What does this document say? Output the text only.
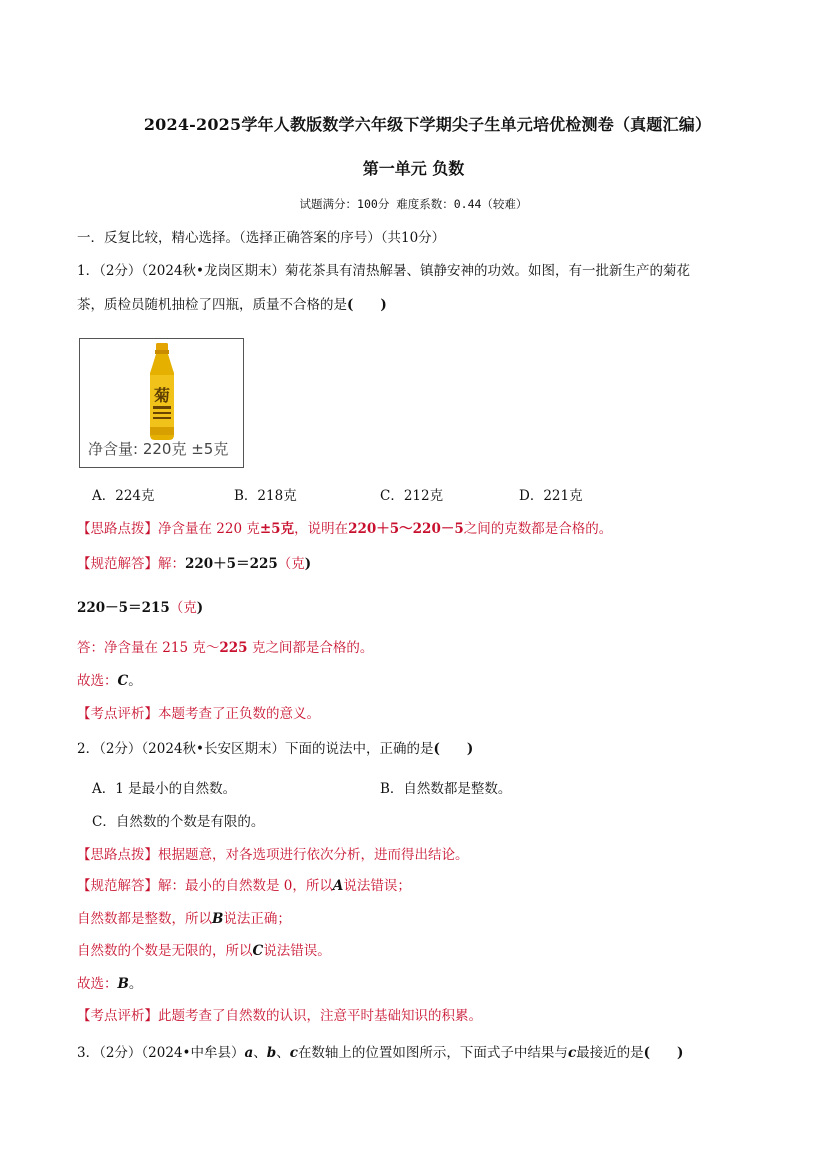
2024-2025学年人教版数学六年级下学期尖子生单元培优检测卷（真题汇编）
第一单元 负数
试题满分：100分 难度系数：0.44（较难）
一．反复比较，精心选择。（选择正确答案的序号）（共10分）
1．（2分）（2024秋•龙岗区期末）菊花茶具有清热解暑、镇静安神的功效。如图，有一批新生产的菊花
茶，质检员随机抽检了四瓶，质量不合格的是(　　)
菊
净含量: 220克 ±5克
A．224克	B．218克	C．212克	D．221克
【思路点拨】净含量在 220 克±5克，说明在220＋5～220－5之间的克数都是合格的。
【规范解答】解：220＋5＝225（克)
220－5＝215（克)
答：净含量在 215 克～225 克之间都是合格的。
故选：C。
【考点评析】本题考查了正负数的意义。
2．（2分）（2024秋•长安区期末）下面的说法中，正确的是(　　)
A．1 是最小的自然数。	B．自然数都是整数。
C．自然数的个数是有限的。
【思路点拨】根据题意，对各选项进行依次分析，进而得出结论。
【规范解答】解：最小的自然数是 0，所以A说法错误；
自然数都是整数，所以B说法正确；
自然数的个数是无限的，所以C说法错误。
故选：B。
【考点评析】此题考查了自然数的认识，注意平时基础知识的积累。
3．（2分）（2024•中牟县）a、b、c在数轴上的位置如图所示，下面式子中结果与c最接近的是(　　)
